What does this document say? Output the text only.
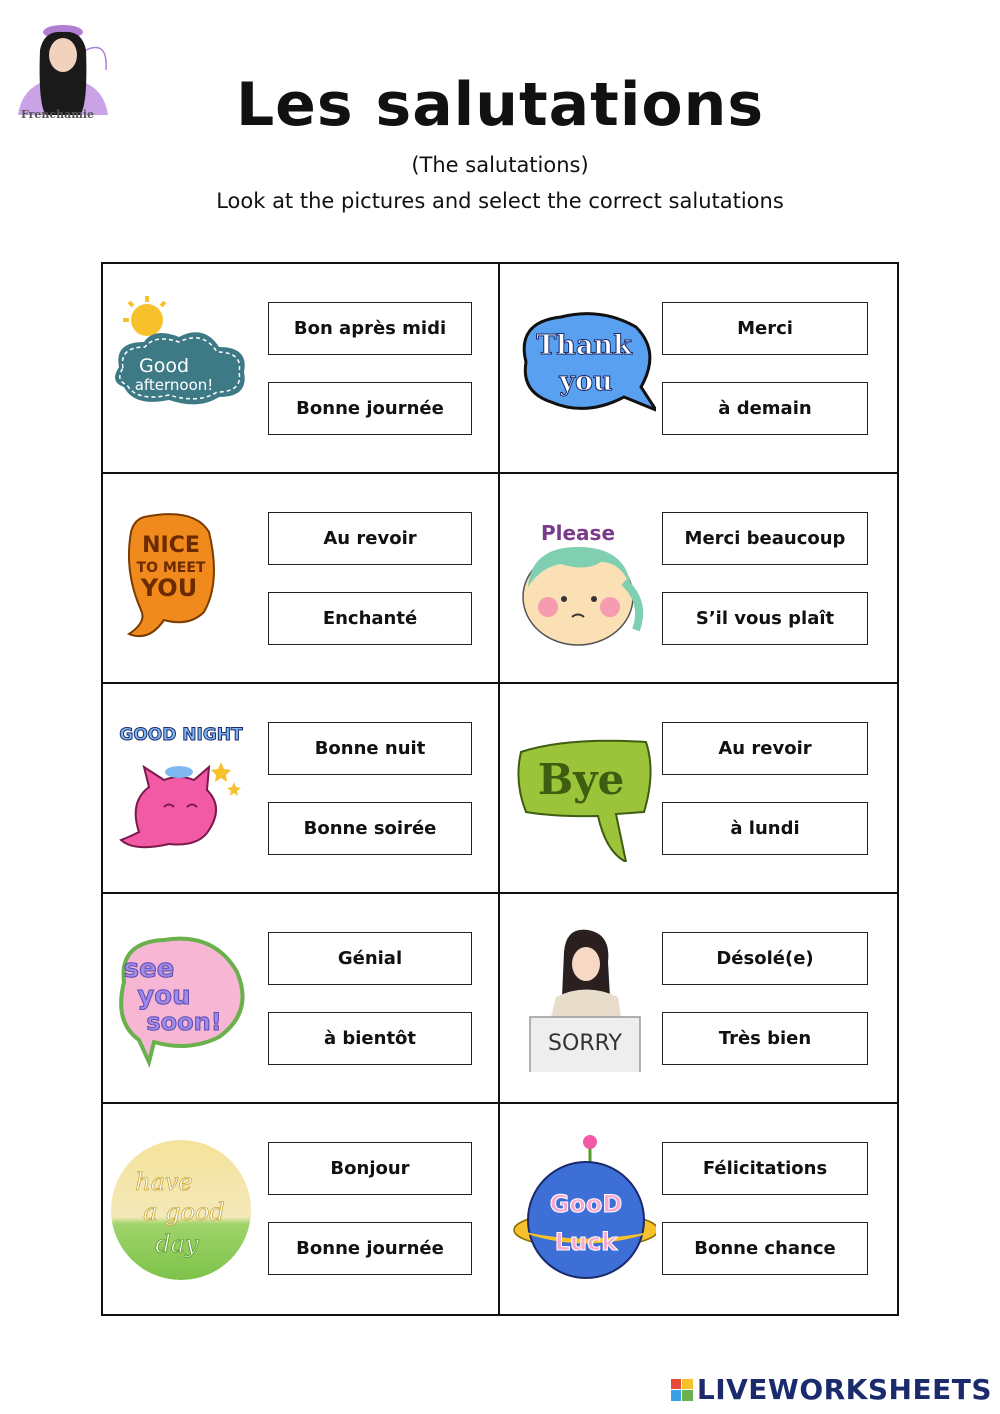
Frenchamie	Les salutations
(The salutations)
Look at the pictures and select the correct salutations
Good
afternoon!
Bon après midi
Bonne journée
Thank
you
Merci
à demain
NICE
TO MEET
YOU
Au revoir
Enchanté
Please	Merci beaucoup
S’il vous plaît
GOOD NIGHT
Bonne nuit
Bonne soirée
Bye
Au revoir
à lundi
see
you
soon!
Génial
à bientôt	SORRY
Désolé(e)
Très bien
have
a good
day
Bonjour
Bonne journée
GooD
Luck
Félicitations
Bonne chance
LIVEWORKSHEETS
